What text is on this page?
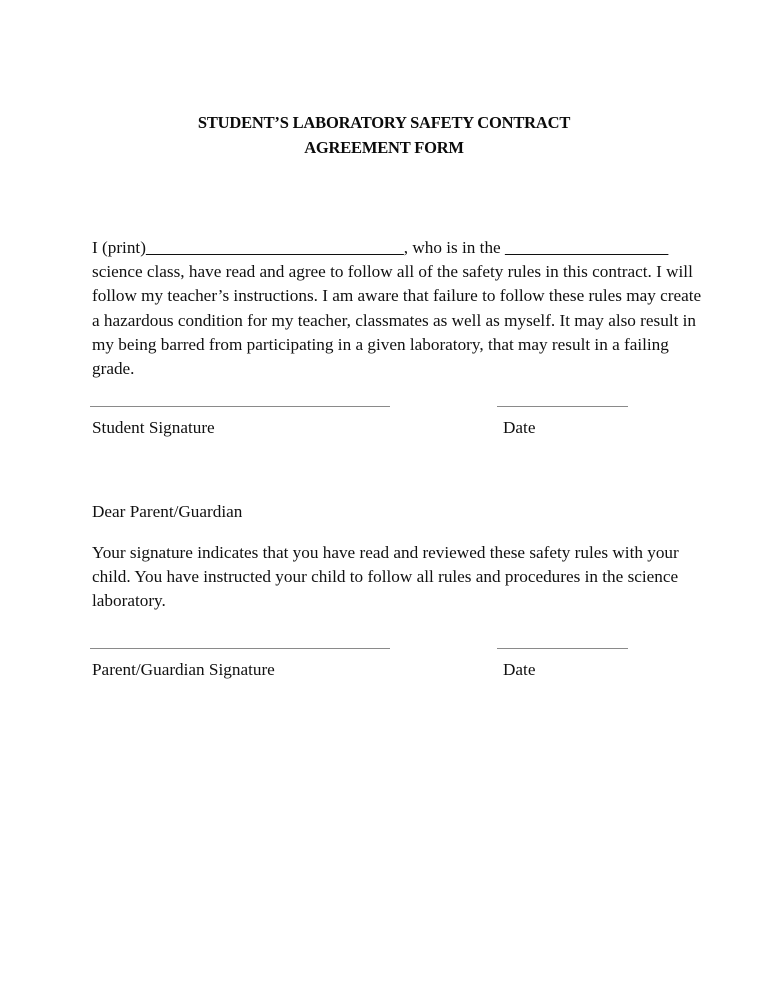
STUDENT’S LABORATORY SAFETY CONTRACT
AGREEMENT FORM

I (print)______________________________, who is in the ___________________ science class, have read and agree to follow all of the safety rules in this contract. I will follow my teacher’s instructions. I am aware that failure to follow these rules may create a hazardous condition for my teacher, classmates as well as myself. It may also result in my being barred from participating in a given laboratory, that may result in a failing grade.

Student Signature	Date

Dear Parent/Guardian

Your signature indicates that you have read and reviewed these safety rules with your child. You have instructed your child to follow all rules and procedures in the science laboratory.

Parent/Guardian Signature	Date
